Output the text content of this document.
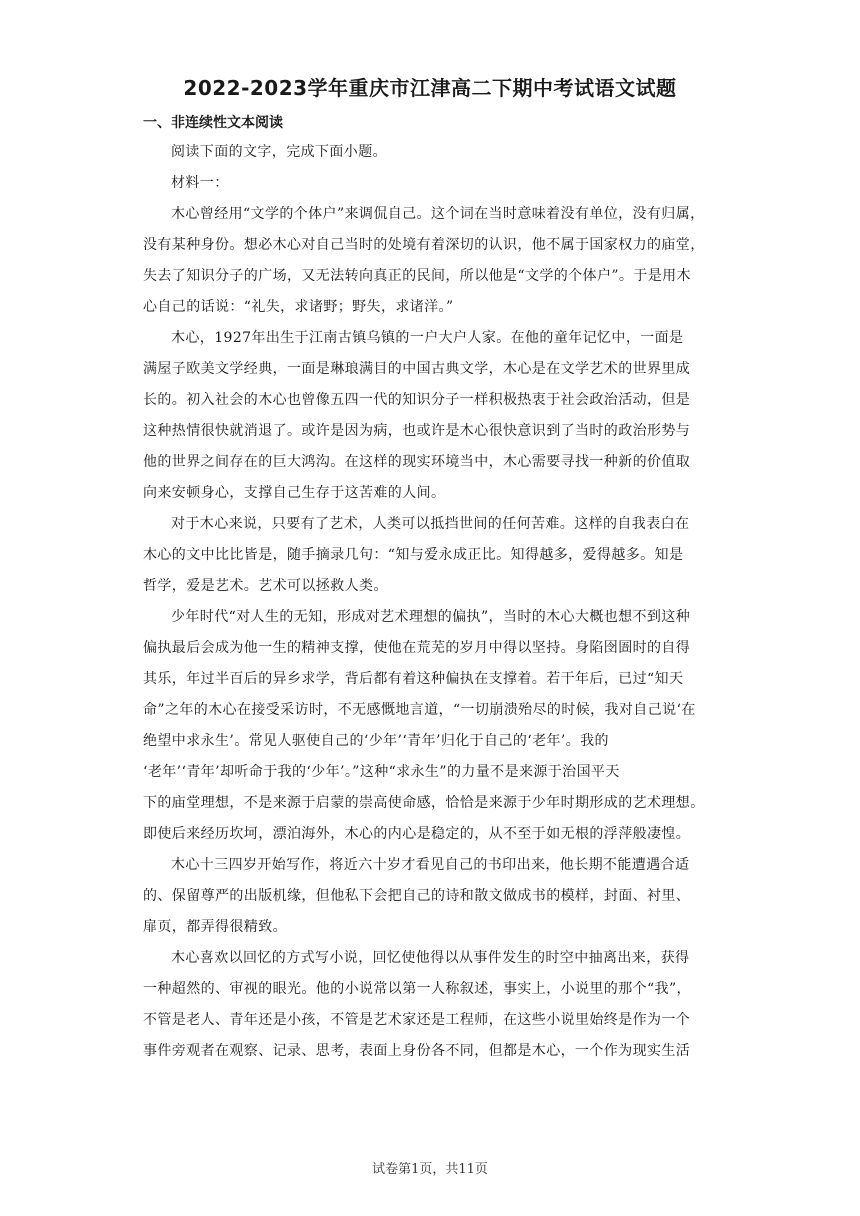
2022-2023学年重庆市江津高二下期中考试语文试题
一、非连续性文本阅读
阅读下面的文字，完成下面小题。
材料一：
木心曾经用“文学的个体户”来调侃自己。这个词在当时意味着没有单位，没有归属，
没有某种身份。想必木心对自己当时的处境有着深切的认识，他不属于国家权力的庙堂，
失去了知识分子的广场，又无法转向真正的民间，所以他是“文学的个体户”。于是用木
心自己的话说：“礼失，求诸野；野失，求诸洋。”
木心，1927年出生于江南古镇乌镇的一户大户人家。在他的童年记忆中，一面是
满屋子欧美文学经典，一面是琳琅满目的中国古典文学，木心是在文学艺术的世界里成
长的。初入社会的木心也曾像五四一代的知识分子一样积极热衷于社会政治活动，但是
这种热情很快就消退了。或许是因为病，也或许是木心很快意识到了当时的政治形势与
他的世界之间存在的巨大鸿沟。在这样的现实环境当中，木心需要寻找一种新的价值取
向来安顿身心，支撑自己生存于这苦难的人间。
对于木心来说，只要有了艺术，人类可以抵挡世间的任何苦难。这样的自我表白在
木心的文中比比皆是，随手摘录几句：“知与爱永成正比。知得越多，爱得越多。知是
哲学，爱是艺术。艺术可以拯救人类。
少年时代“对人生的无知，形成对艺术理想的偏执”，当时的木心大概也想不到这种
偏执最后会成为他一生的精神支撑，使他在荒芜的岁月中得以坚持。身陷囹圄时的自得
其乐，年过半百后的异乡求学，背后都有着这种偏执在支撑着。若干年后，已过“知天
命”之年的木心在接受采访时，不无感慨地言道，“一切崩溃殆尽的时候，我对自己说‘在
绝望中求永生’。常见人驱使自己的‘少年’‘青年’归化于自己的‘老年’。我的
‘老年’‘青年’却听命于我的‘少年’。”这种“求永生”的力量不是来源于治国平天
下的庙堂理想，不是来源于启蒙的崇高使命感，恰恰是来源于少年时期形成的艺术理想。
即使后来经历坎坷，漂泊海外，木心的内心是稳定的，从不至于如无根的浮萍般凄惶。
木心十三四岁开始写作，将近六十岁才看见自己的书印出来，他长期不能遭遇合适
的、保留尊严的出版机缘，但他私下会把自己的诗和散文做成书的模样，封面、衬里、
扉页，都弄得很精致。
木心喜欢以回忆的方式写小说，回忆使他得以从事件发生的时空中抽离出来，获得
一种超然的、审视的眼光。他的小说常以第一人称叙述，事实上，小说里的那个“我”，
不管是老人、青年还是小孩，不管是艺术家还是工程师，在这些小说里始终是作为一个
事件旁观者在观察、记录、思考，表面上身份各不同，但都是木心，一个作为现实生活
试卷第1页，共11页
